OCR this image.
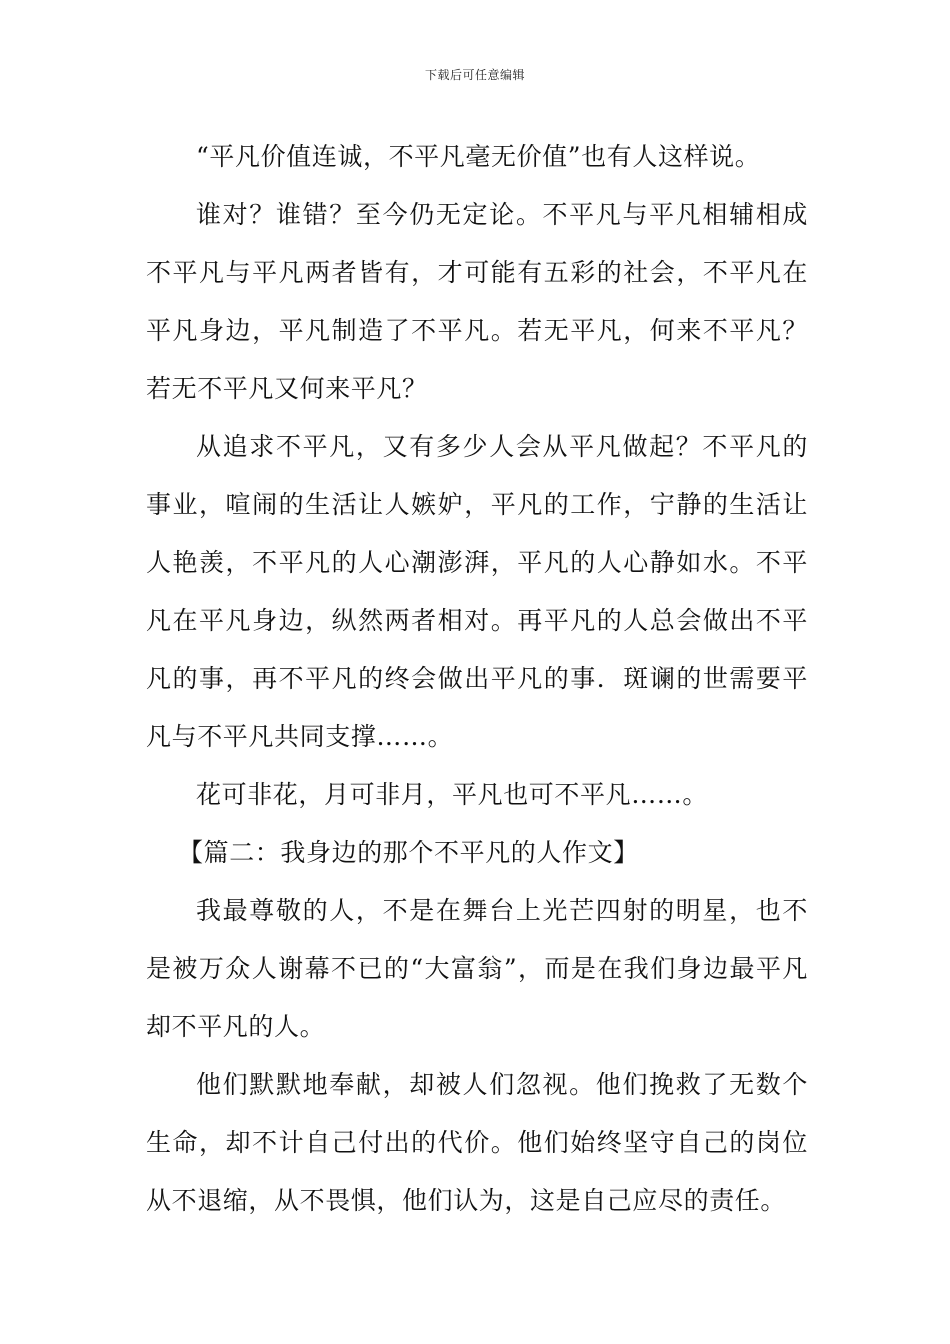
下载后可任意编辑

“平凡价值连诚，不平凡毫无价值”也有人这样说。

谁对？谁错？至今仍无定论。不平凡与平凡相辅相成不平凡与平凡两者皆有，才可能有五彩的社会，不平凡在平凡身边，平凡制造了不平凡。若无平凡，何来不平凡？若无不平凡又何来平凡？

从追求不平凡，又有多少人会从平凡做起？不平凡的事业，喧闹的生活让人嫉妒，平凡的工作，宁静的生活让人艳羡，不平凡的人心潮澎湃，平凡的人心静如水。不平凡在平凡身边，纵然两者相对。再平凡的人总会做出不平凡的事，再不平凡的终会做出平凡的事．斑谰的世需要平凡与不平凡共同支撑……。

花可非花，月可非月，平凡也可不平凡……。

【篇二：我身边的那个不平凡的人作文】

我最尊敬的人，不是在舞台上光芒四射的明星，也不是被万众人谢幕不已的“大富翁”，而是在我们身边最平凡却不平凡的人。

他们默默地奉献，却被人们忽视。他们挽救了无数个生命，却不计自己付出的代价。他们始终坚守自己的岗位从不退缩，从不畏惧，他们认为，这是自己应尽的责任。
